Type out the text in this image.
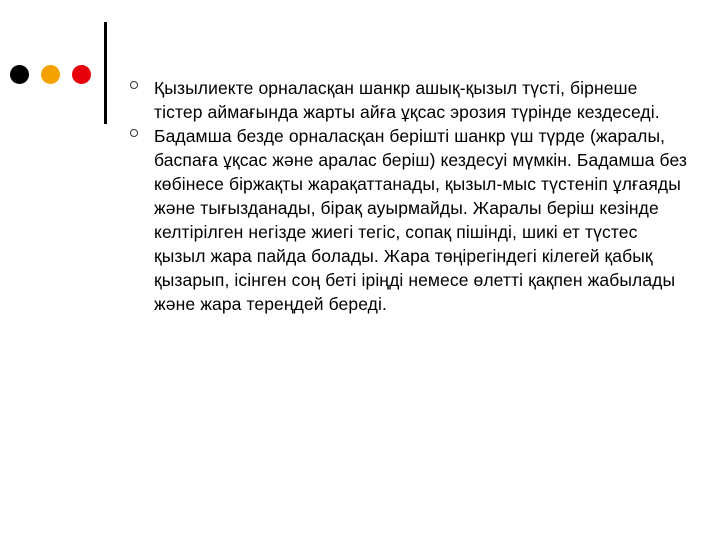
Қызылиекте орналасқан шанкр ашық-қызыл түсті, бірнеше тістер аймағында жарты айға ұқсас эрозия түрінде кездеседі.
Бадамша безде орналасқан берішті шанкр үш түрде (жаралы, баспаға ұқсас және аралас беріш) кездесуі мүмкін. Бадамша без көбінесе біржақты жарақаттанады, қызыл-мыс түстеніп ұлғаяды және тығызданады, бірақ ауырмайды. Жаралы беріш кезінде келтірілген негізде жиегі тегіс, сопақ пішінді, шикі ет түстес қызыл жара пайда болады. Жара төңірегіндегі кілегей қабық қызарып, ісінген соң беті іріңді немесе өлетті қақпен жабылады және жара тереңдей береді.
